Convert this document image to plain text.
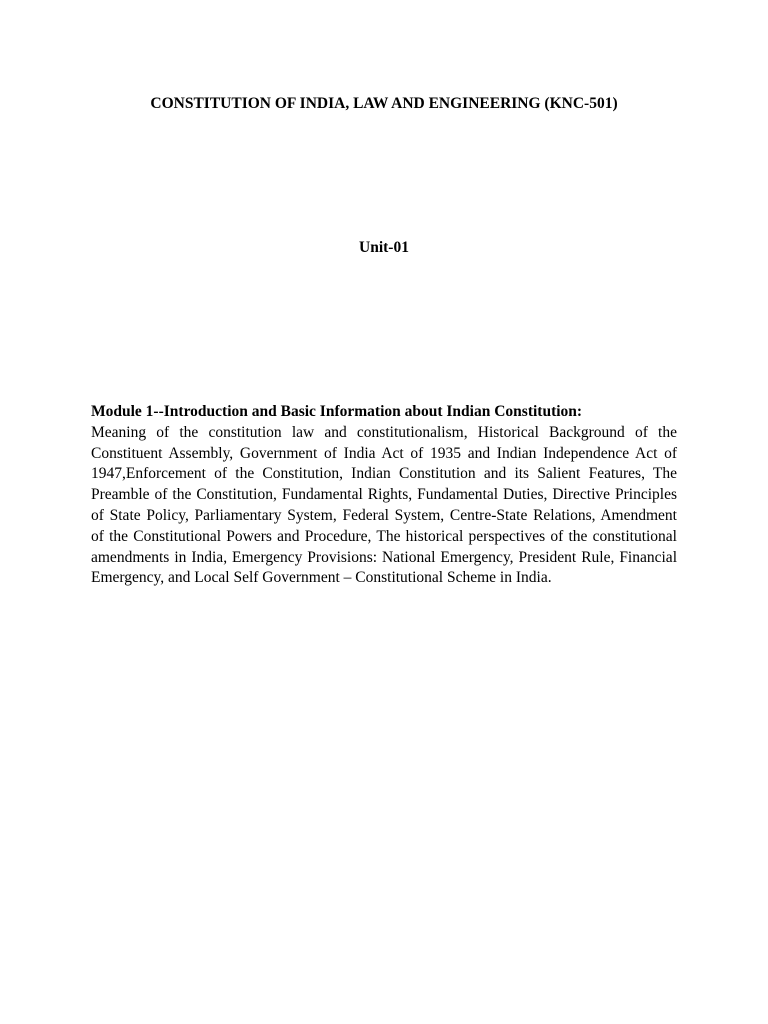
CONSTITUTION OF INDIA, LAW AND ENGINEERING (KNC-501)
Unit-01
Module 1--Introduction and Basic Information about Indian Constitution:
Meaning of the constitution law and constitutionalism, Historical Background of the Constituent Assembly, Government of India Act of 1935 and Indian Independence Act of 1947,Enforcement of the Constitution, Indian Constitution and its Salient Features, The Preamble of the Constitution, Fundamental Rights, Fundamental Duties, Directive Principles of State Policy, Parliamentary System, Federal System, Centre-State Relations, Amendment of the Constitutional Powers and Procedure, The historical perspectives of the constitutional amendments in India, Emergency Provisions: National Emergency, President Rule, Financial Emergency, and Local Self Government – Constitutional Scheme in India.
